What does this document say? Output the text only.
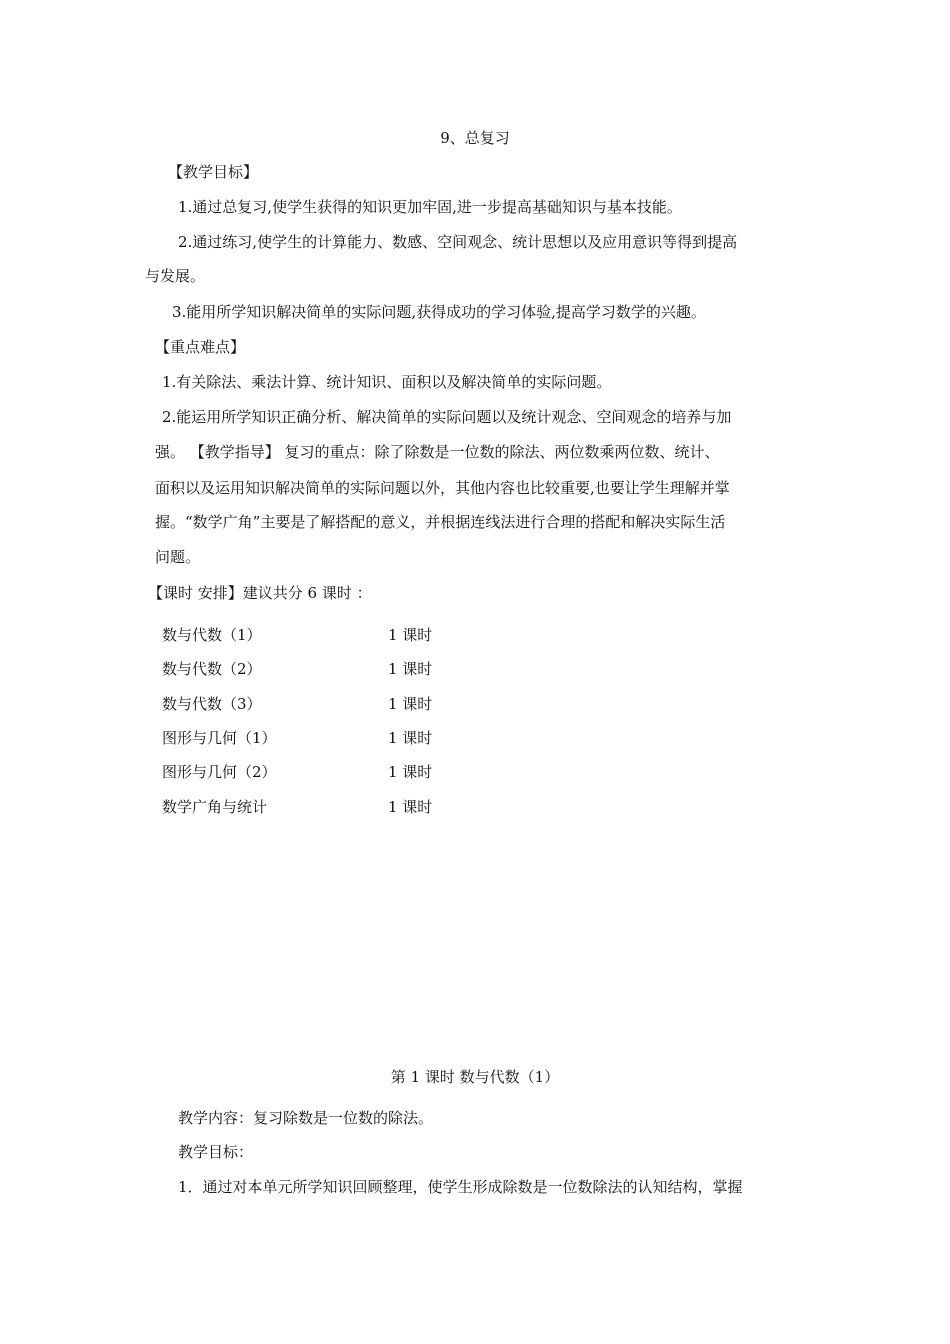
9、总复习
【教学目标】
1.通过总复习,使学生获得的知识更加牢固,进一步提高基础知识与基本技能。
2.通过练习,使学生的计算能力、数感、空间观念、统计思想以及应用意识等得到提高
与发展。
3.能用所学知识解决简单的实际问题,获得成功的学习体验,提高学习数学的兴趣。
【重点难点】
1.有关除法、乘法计算、统计知识、面积以及解决简单的实际问题。
2.能运用所学知识正确分析、解决简单的实际问题以及统计观念、空间观念的培养与加
强。 【教学指导】 复习的重点：除了除数是一位数的除法、两位数乘两位数、统计、
面积以及运用知识解决简单的实际问题以外，其他内容也比较重要,也要让学生理解并掌
握。“数学广角”主要是了解搭配的意义，并根据连线法进行合理的搭配和解决实际生活
问题。
【课时 安排】建议共分 6 课时 ：
数与代数（1）	1 课时
数与代数（2）	1 课时
数与代数（3）	1 课时
图形与几何（1）	1 课时
图形与几何（2）	1 课时
数学广角与统计	1 课时
第 1 课时 数与代数（1）
教学内容：复习除数是一位数的除法。
教学目标：
1．通过对本单元所学知识回顾整理，使学生形成除数是一位数除法的认知结构，掌握
